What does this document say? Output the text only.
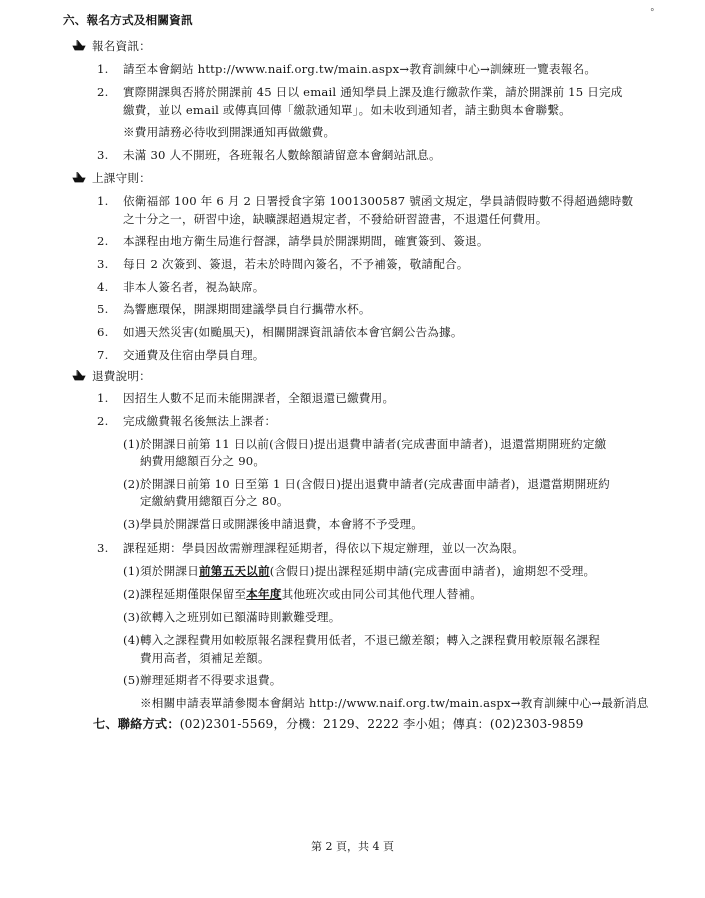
°
六、報名方式及相關資訊
報名資訊：
1. 請至本會網站 http://www.naif.org.tw/main.aspx→教育訓練中心→訓練班一覽表報名。
2. 實際開課與否將於開課前 45 日以 email 通知學員上課及進行繳款作業，請於開課前 15 日完成
繳費，並以 email 或傳真回傳「繳款通知單」。如未收到通知者，請主動與本會聯繫。
※費用請務必待收到開課通知再做繳費。
3. 未滿 30 人不開班，各班報名人數餘額請留意本會網站訊息。
上課守則：
1. 依衛福部 100 年 6 月 2 日署授食字第 1001300587 號函文規定，學員請假時數不得超過總時數
之十分之一，研習中途，缺曠課超過規定者，不發給研習證書，不退還任何費用。
2. 本課程由地方衛生局進行督課，請學員於開課期間，確實簽到、簽退。
3. 每日 2 次簽到、簽退，若未於時間內簽名，不予補簽，敬請配合。
4. 非本人簽名者，視為缺席。
5. 為響應環保，開課期間建議學員自行攜帶水杯。
6. 如遇天然災害(如颱風天)，相關開課資訊請依本會官網公告為據。
7. 交通費及住宿由學員自理。
退費說明：
1. 因招生人數不足而未能開課者，全額退還已繳費用。
2. 完成繳費報名後無法上課者：
(1)於開課日前第 11 日以前(含假日)提出退費申請者(完成書面申請者)，退還當期開班約定繳
納費用總額百分之 90。
(2)於開課日前第 10 日至第 1 日(含假日)提出退費申請者(完成書面申請者)，退還當期開班約
定繳納費用總額百分之 80。
(3)學員於開課當日或開課後申請退費，本會將不予受理。
3. 課程延期：學員因故需辦理課程延期者，得依以下規定辦理，並以一次為限。
(1)須於開課日前第五天以前(含假日)提出課程延期申請(完成書面申請者)，逾期恕不受理。
(2)課程延期僅限保留至本年度其他班次或由同公司其他代理人替補。
(3)欲轉入之班別如已額滿時則歉難受理。
(4)轉入之課程費用如較原報名課程費用低者，不退已繳差額；轉入之課程費用較原報名課程
費用高者，須補足差額。
(5)辦理延期者不得要求退費。
※相關申請表單請參閱本會網站 http://www.naif.org.tw/main.aspx→教育訓練中心→最新消息
七、聯絡方式：(02)2301-5569，分機：2129、2222 李小姐；傳真：(02)2303-9859
第 2 頁，共 4 頁
